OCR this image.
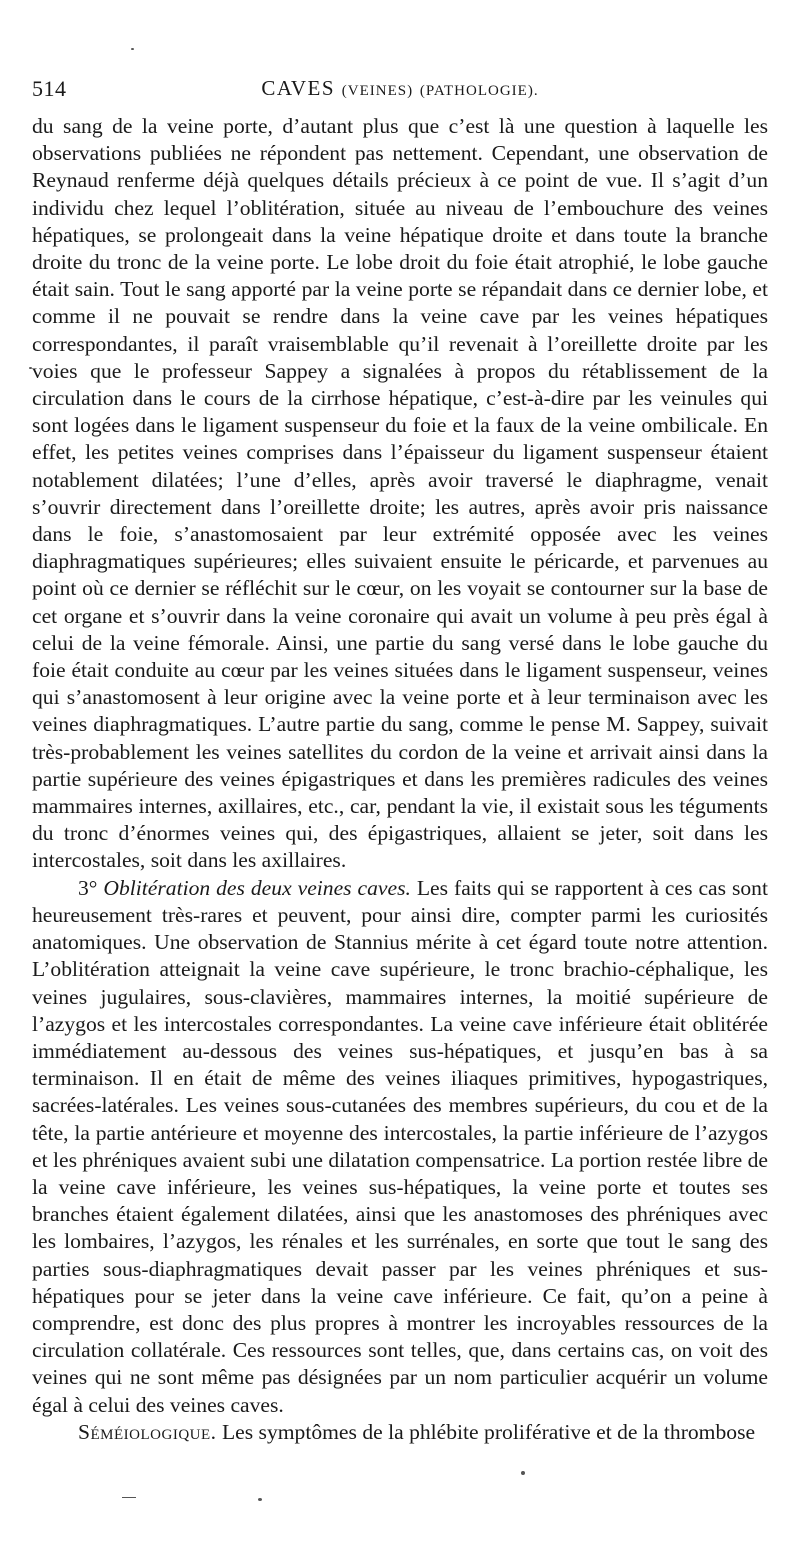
514	CAVES (VEINES) (PATHOLOGIE).

du sang de la veine porte, d’autant plus que c’est là une question à laquelle les observations publiées ne répondent pas nettement. Cependant, une observation de Reynaud renferme déjà quelques détails précieux à ce point de vue. Il s’agit d’un individu chez lequel l’oblitération, située au niveau de l’embouchure des veines hépatiques, se prolongeait dans la veine hépatique droite et dans toute la branche droite du tronc de la veine porte. Le lobe droit du foie était atrophié, le lobe gauche était sain. Tout le sang apporté par la veine porte se répandait dans ce dernier lobe, et comme il ne pouvait se rendre dans la veine cave par les veines hépatiques correspondantes, il paraît vraisemblable qu’il revenait à l’oreillette droite par les voies que le professeur Sappey a signalées à propos du rétablissement de la circulation dans le cours de la cirrhose hépatique, c’est-à-dire par les veinules qui sont logées dans le ligament suspenseur du foie et la faux de la veine ombilicale. En effet, les petites veines comprises dans l’épaisseur du ligament suspenseur étaient notablement dilatées; l’une d’elles, après avoir traversé le diaphragme, venait s’ouvrir directement dans l’oreillette droite; les autres, après avoir pris naissance dans le foie, s’anastomosaient par leur extrémité opposée avec les veines diaphragmatiques supérieures; elles suivaient ensuite le péricarde, et parvenues au point où ce dernier se réfléchit sur le cœur, on les voyait se contourner sur la base de cet organe et s’ouvrir dans la veine coronaire qui avait un volume à peu près égal à celui de la veine fémorale. Ainsi, une partie du sang versé dans le lobe gauche du foie était conduite au cœur par les veines situées dans le ligament suspenseur, veines qui s’anastomosent à leur origine avec la veine porte et à leur terminaison avec les veines diaphragmatiques. L’autre partie du sang, comme le pense M. Sappey, suivait très-probablement les veines satellites du cordon de la veine et arrivait ainsi dans la partie supérieure des veines épigastriques et dans les premières radicules des veines mammaires internes, axillaires, etc., car, pendant la vie, il existait sous les téguments du tronc d’énormes veines qui, des épigastriques, allaient se jeter, soit dans les intercostales, soit dans les axillaires.

3° Oblitération des deux veines caves. Les faits qui se rapportent à ces cas sont heureusement très-rares et peuvent, pour ainsi dire, compter parmi les curiosités anatomiques. Une observation de Stannius mérite à cet égard toute notre attention. L’oblitération atteignait la veine cave supérieure, le tronc brachio-céphalique, les veines jugulaires, sous-clavières, mammaires internes, la moitié supérieure de l’azygos et les intercostales correspondantes. La veine cave inférieure était oblitérée immédiatement au-dessous des veines sus-hépatiques, et jusqu’en bas à sa terminaison. Il en était de même des veines iliaques primitives, hypogastriques, sacrées-latérales. Les veines sous-cutanées des membres supérieurs, du cou et de la tête, la partie antérieure et moyenne des intercostales, la partie inférieure de l’azygos et les phréniques avaient subi une dilatation compensatrice. La portion restée libre de la veine cave inférieure, les veines sus-hépatiques, la veine porte et toutes ses branches étaient également dilatées, ainsi que les anastomoses des phréniques avec les lombaires, l’azygos, les rénales et les surrénales, en sorte que tout le sang des parties sous-diaphragmatiques devait passer par les veines phréniques et sus-hépatiques pour se jeter dans la veine cave inférieure. Ce fait, qu’on a peine à comprendre, est donc des plus propres à montrer les incroyables ressources de la circulation collatérale. Ces ressources sont telles, que, dans certains cas, on voit des veines qui ne sont même pas désignées par un nom particulier acquérir un volume égal à celui des veines caves.

Séméiologique. Les symptômes de la phlébite proliférative et de la thrombose
